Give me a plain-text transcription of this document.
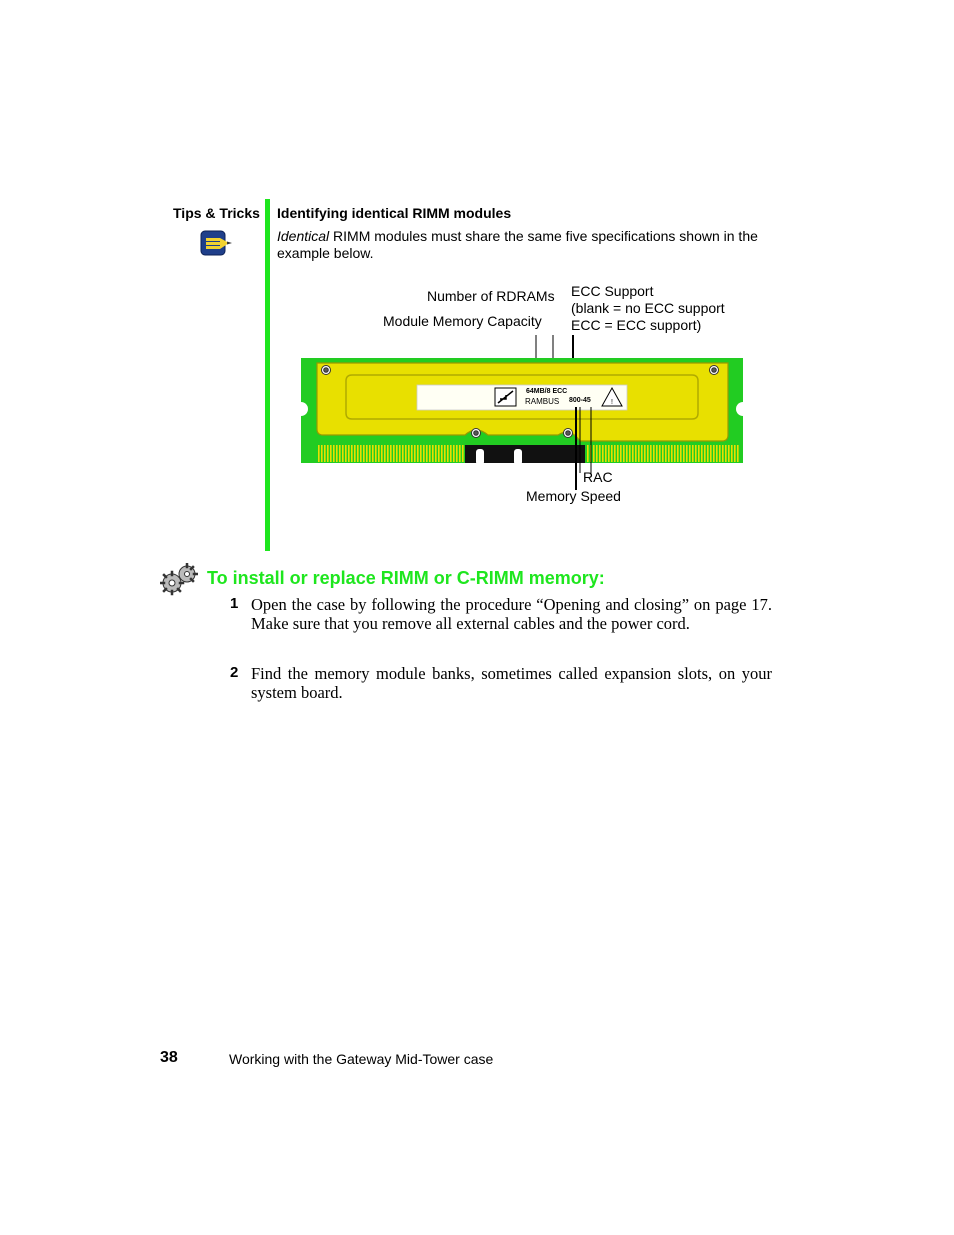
Tips & Tricks Identifying identical RIMM modules
Identical RIMM modules must share the same five specifications shown in the example below.
Number of RDRAMs ECC Support
(blank = no ECC support
ECC = ECC support)
Module Memory Capacity
RAC
Memory Speed
!
64MB/8 ECC
RAMBUS 800-45
To install or replace RIMM or C-RIMM memory:
1 Open the case by following the procedure “Opening and closing” on page 17. Make sure that you remove all external cables and the power cord.
2 Find the memory module banks, sometimes called expansion slots, on your system board.
38	Working with the Gateway Mid-Tower case
